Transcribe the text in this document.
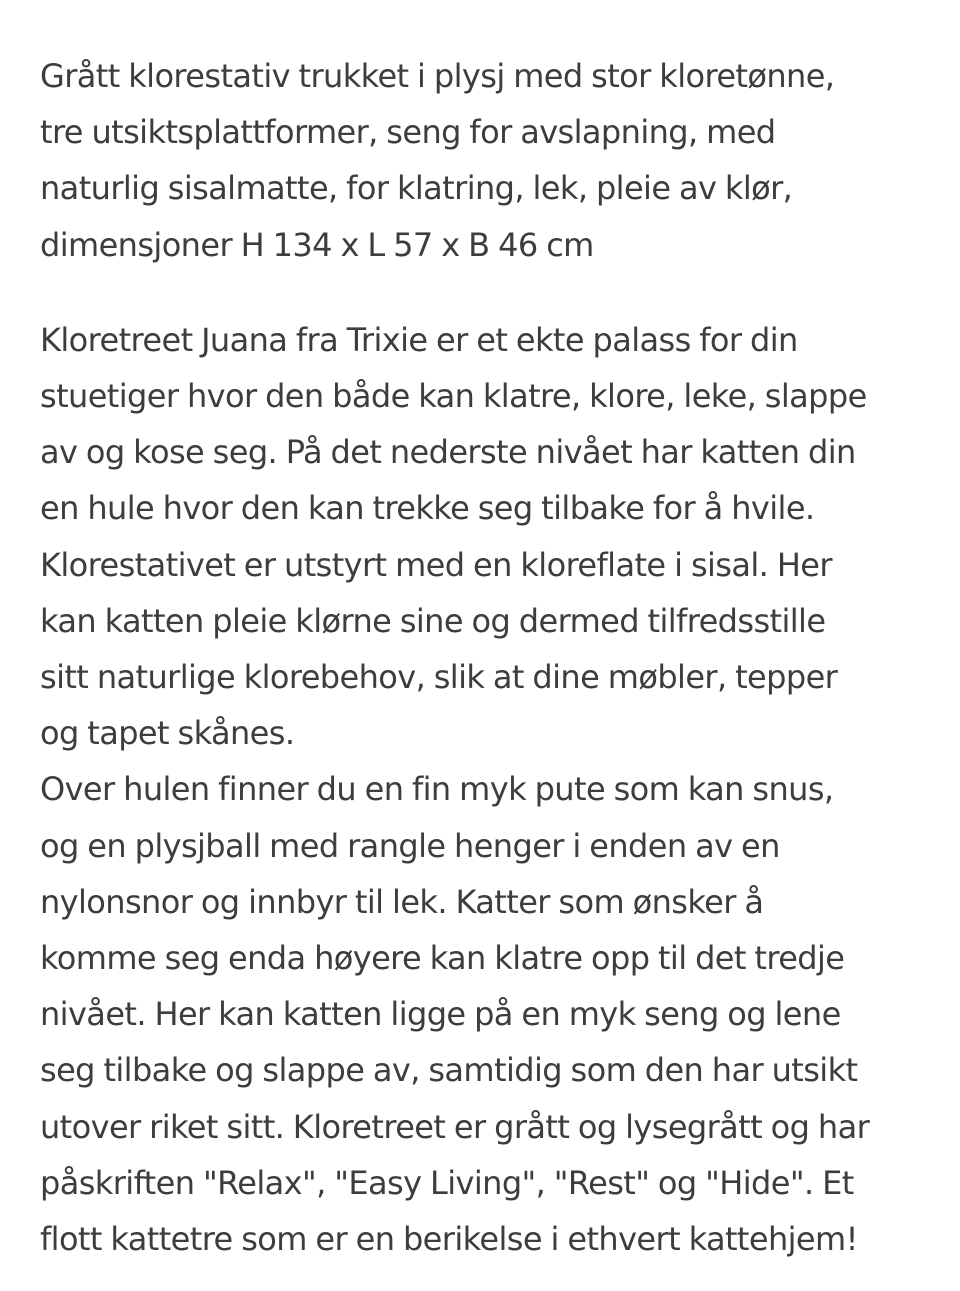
Grått klorestativ trukket i plysj med stor kloretønne,
tre utsiktsplattformer, seng for avslapning, med
naturlig sisalmatte, for klatring, lek, pleie av klør,
dimensjoner H 134 x L 57 x B 46 cm

Kloretreet Juana fra Trixie er et ekte palass for din
stuetiger hvor den både kan klatre, klore, leke, slappe
av og kose seg. På det nederste nivået har katten din
en hule hvor den kan trekke seg tilbake for å hvile.
Klorestativet er utstyrt med en kloreflate i sisal. Her
kan katten pleie klørne sine og dermed tilfredsstille
sitt naturlige klorebehov, slik at dine møbler, tepper
og tapet skånes.
Over hulen finner du en fin myk pute som kan snus,
og en plysjball med rangle henger i enden av en
nylonsnor og innbyr til lek. Katter som ønsker å
komme seg enda høyere kan klatre opp til det tredje
nivået. Her kan katten ligge på en myk seng og lene
seg tilbake og slappe av, samtidig som den har utsikt
utover riket sitt. Kloretreet er grått og lysegrått og har
påskriften "Relax", "Easy Living", "Rest" og "Hide". Et
flott kattetre som er en berikelse i ethvert kattehjem!
